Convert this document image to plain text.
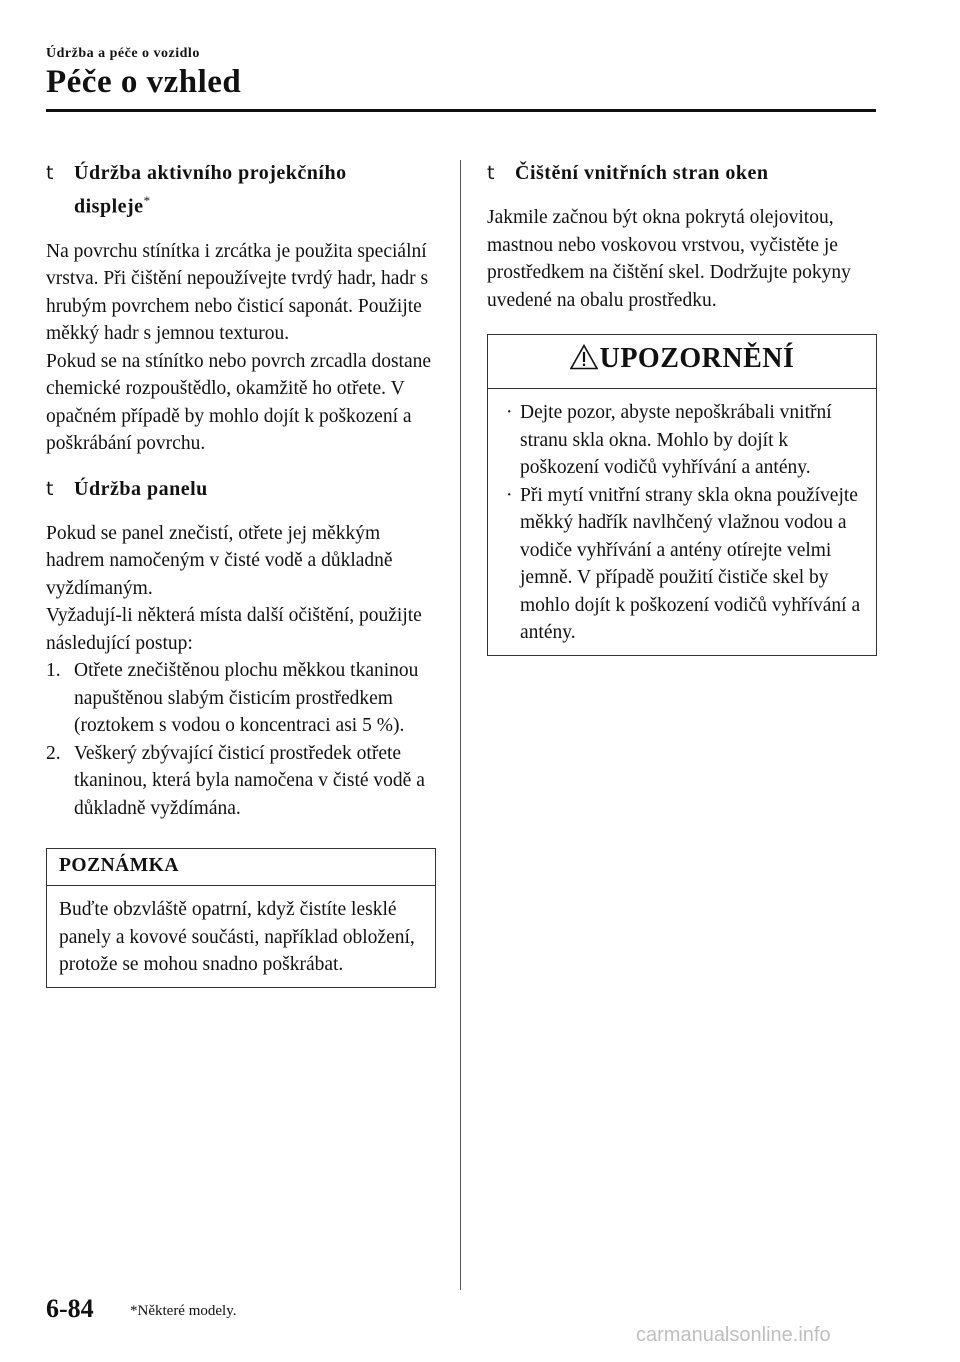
Údržba a péče o vozidlo
Péče o vzhled
t Údržba aktivního projekčního
displeje*

Na povrchu stínítka i zrcátka je použita speciální vrstva. Při čištění nepoužívejte tvrdý hadr, hadr s hrubým povrchem nebo čisticí saponát. Použijte měkký hadr s jemnou texturou.

Pokud se na stínítko nebo povrch zrcadla dostane chemické rozpouštědlo, okamžitě ho otřete. V opačném případě by mohlo dojít k poškození a poškrábání povrchu.

t Údržba panelu

Pokud se panel znečistí, otřete jej měkkým hadrem namočeným v čisté vodě a důkladně vyždímaným.

Vyžadují-li některá místa další očištění, použijte následující postup:

1. Otřete znečištěnou plochu měkkou tkaninou napuštěnou slabým čisticím prostředkem (roztokem s vodou o koncentraci asi 5 %).
2. Veškerý zbývající čisticí prostředek otřete tkaninou, která byla namočena v čisté vodě a důkladně vyždímána.
POZNÁMKA

Buďte obzvláště opatrní, když čistíte lesklé panely a kovové součásti, například obložení, protože se mohou snadno poškrábat.

t Čištění vnitřních stran oken

Jakmile začnou být okna pokrytá olejovitou, mastnou nebo voskovou vrstvou, vyčistěte je prostředkem na čištění skel. Dodržujte pokyny uvedené na obalu prostředku.

UPOZORNĚNÍ
· Dejte pozor, abyste nepoškrábali vnitřní stranu skla okna. Mohlo by dojít k poškození vodičů vyhřívání a antény.
· Při mytí vnitřní strany skla okna používejte měkký hadřík navlhčený vlažnou vodou a vodiče vyhřívání a antény otírejte velmi jemně. V případě použití čističe skel by mohlo dojít k poškození vodičů vyhřívání a antény.
6-84 *Některé modely.
carmanualsonline.info
